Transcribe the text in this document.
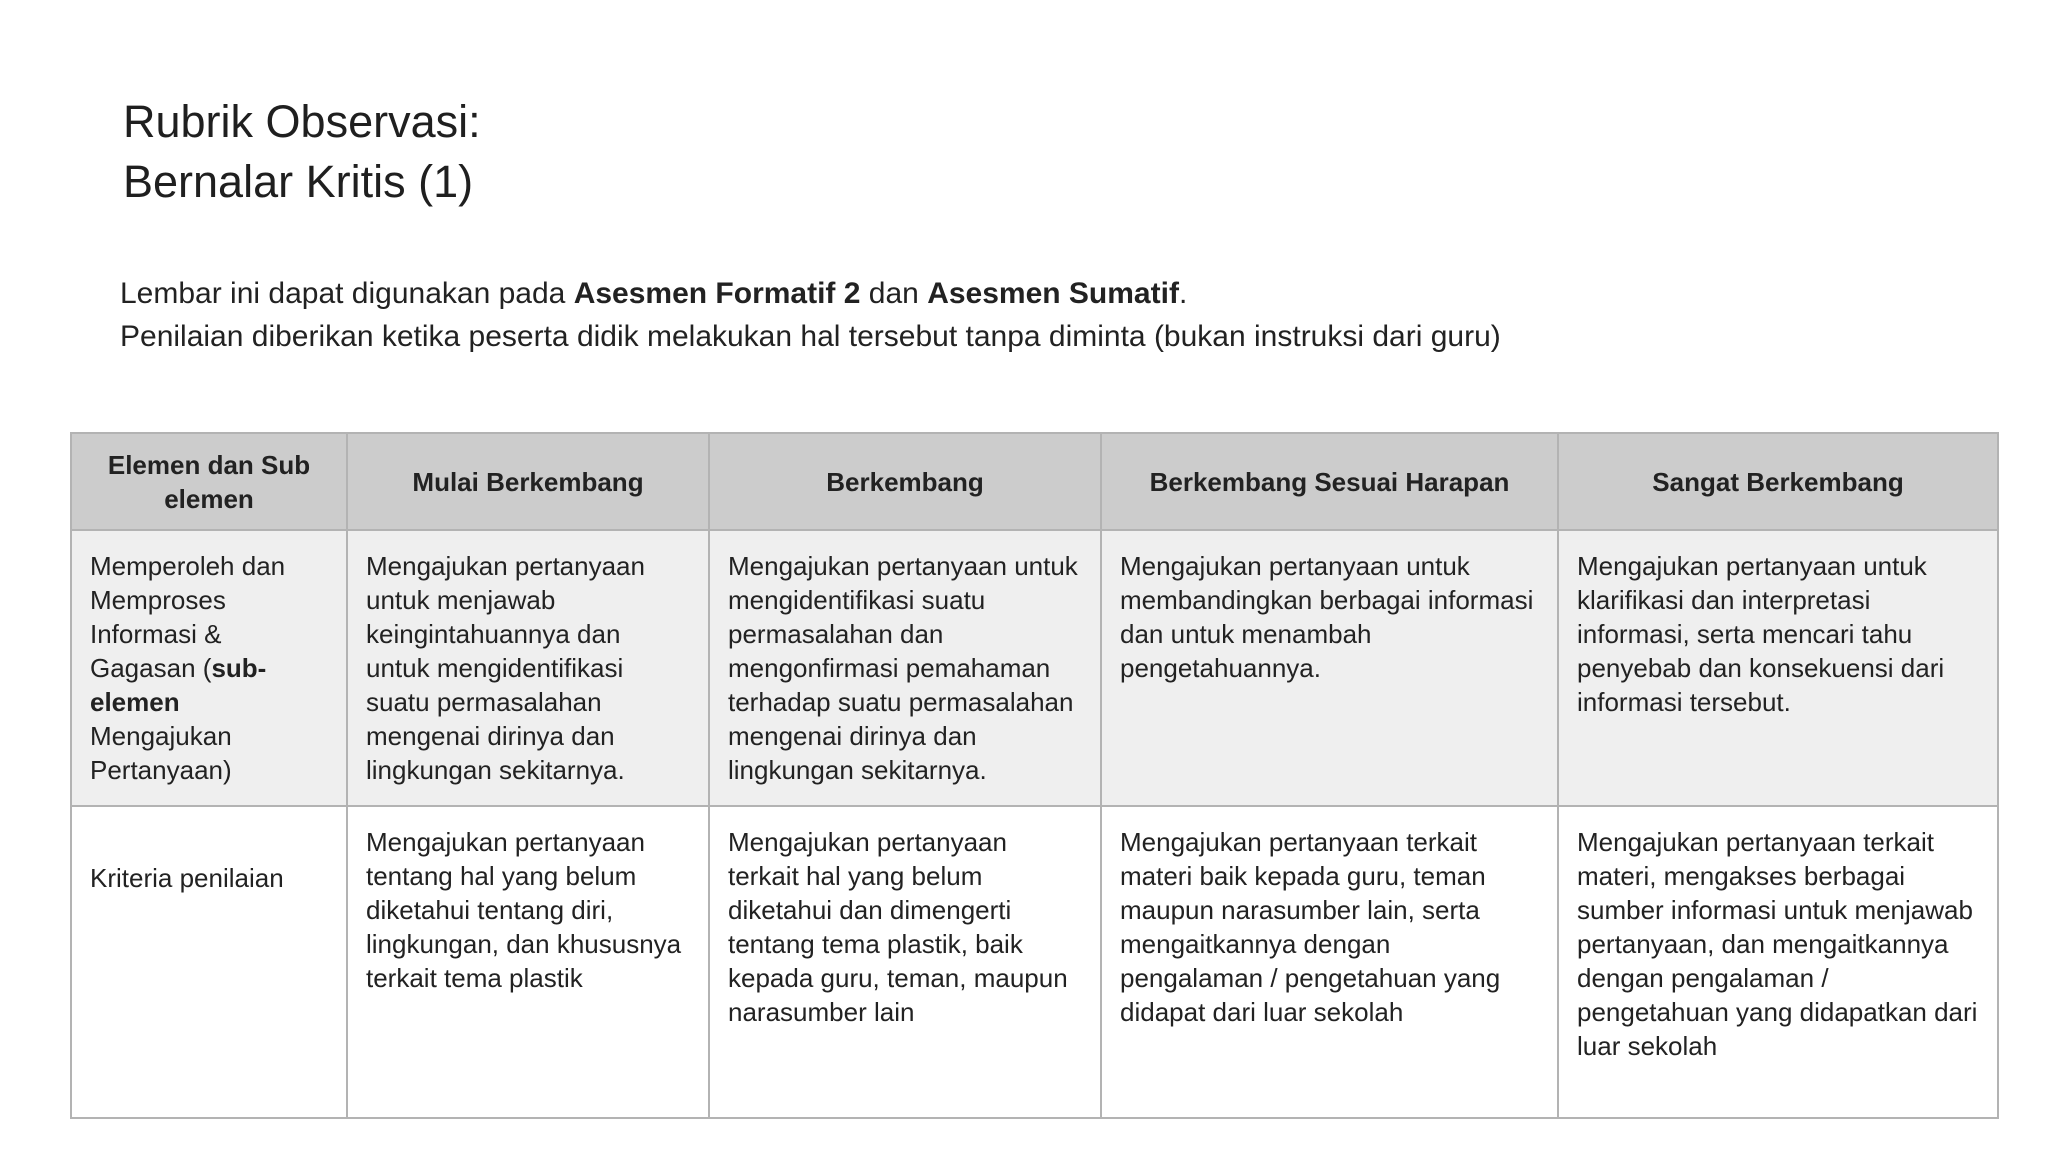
Rubrik Observasi:
Bernalar Kritis (1)

Lembar ini dapat digunakan pada Asesmen Formatif 2 dan Asesmen Sumatif.

Penilaian diberikan ketika peserta didik melakukan hal tersebut tanpa diminta (bukan instruksi dari guru)

Elemen dan Sub elemen	Mulai Berkembang	Berkembang	Berkembang Sesuai Harapan	Sangat Berkembang
Memperoleh dan Memproses Informasi & Gagasan (sub-elemen Mengajukan Pertanyaan)	Mengajukan pertanyaan untuk menjawab keingintahuannya dan untuk mengidentifikasi suatu permasalahan mengenai dirinya dan lingkungan sekitarnya.	Mengajukan pertanyaan untuk mengidentifikasi suatu permasalahan dan mengonfirmasi pemahaman terhadap suatu permasalahan mengenai dirinya dan lingkungan sekitarnya.	Mengajukan pertanyaan untuk membandingkan berbagai informasi dan untuk menambah pengetahuannya.	Mengajukan pertanyaan untuk klarifikasi dan interpretasi informasi, serta mencari tahu penyebab dan konsekuensi dari informasi tersebut.
Kriteria penilaian	Mengajukan pertanyaan tentang hal yang belum diketahui tentang diri, lingkungan, dan khususnya terkait tema plastik	Mengajukan pertanyaan terkait hal yang belum diketahui dan dimengerti tentang tema plastik, baik kepada guru, teman, maupun narasumber lain	Mengajukan pertanyaan terkait materi baik kepada guru, teman maupun narasumber lain, serta mengaitkannya dengan pengalaman / pengetahuan yang didapat dari luar sekolah	Mengajukan pertanyaan terkait materi, mengakses berbagai sumber informasi untuk menjawab pertanyaan, dan mengaitkannya dengan pengalaman / pengetahuan yang didapatkan dari luar sekolah
